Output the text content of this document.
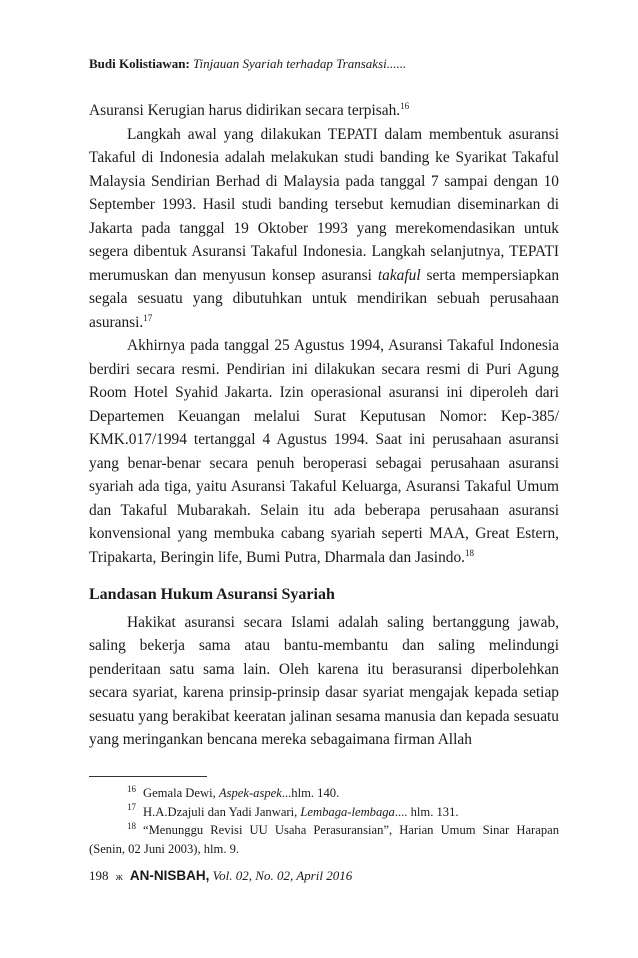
Budi Kolistiawan: Tinjauan Syariah terhadap Transaksi......

Asuransi Kerugian harus didirikan secara terpisah.$^{16}$

Langkah awal yang dilakukan TEPATI dalam membentuk asuransi Takaful di Indonesia adalah melakukan studi banding ke Syarikat Takaful Malaysia Sendirian Berhad di Malaysia pada tanggal 7 sampai dengan 10 September 1993. Hasil studi banding tersebut kemudian diseminarkan di Jakarta pada tanggal 19 Oktober 1993 yang merekomendasikan untuk segera dibentuk Asuransi Takaful Indonesia. Langkah selanjutnya, TEPATI merumuskan dan menyusun konsep asuransi takaful serta mempersiapkan segala sesuatu yang dibutuhkan untuk mendirikan sebuah perusahaan asuransi.$^{17}$

Akhirnya pada tanggal 25 Agustus 1994, Asuransi Takaful Indonesia berdiri secara resmi. Pendirian ini dilakukan secara resmi di Puri Agung Room Hotel Syahid Jakarta. Izin operasional asuransi ini diperoleh dari Departemen Keuangan melalui Surat Keputusan Nomor: Kep-385/ KMK.017/1994 tertanggal 4 Agustus 1994. Saat ini perusahaan asuransi yang benar-benar secara penuh beroperasi sebagai perusahaan asuransi syariah ada tiga, yaitu Asuransi Takaful Keluarga, Asuransi Takaful Umum dan Takaful Mubarakah. Selain itu ada beberapa perusahaan asuransi konvensional yang membuka cabang syariah seperti MAA, Great Estern, Tripakarta, Beringin life, Bumi Putra, Dharmala dan Jasindo.$^{18}$

Landasan Hukum Asuransi Syariah

Hakikat asuransi secara Islami adalah saling bertanggung jawab, saling bekerja sama atau bantu-membantu dan saling melindungi penderitaan satu sama lain. Oleh karena itu berasuransi diperbolehkan secara syariat, karena prinsip-prinsip dasar syariat mengajak kepada setiap sesuatu yang berakibat keeratan jalinan sesama manusia dan kepada sesuatu yang meringankan bencana mereka sebagaimana firman Allah

16 Gemala Dewi, Aspek-aspek...hlm. 140.

17 H.A.Dzajuli dan Yadi Janwari, Lembaga-lembaga.... hlm. 131.

18 “Menunggu Revisi UU Usaha Perasuransian”, Harian Umum Sinar Harapan (Senin, 02 Juni 2003), hlm. 9.

198 ж AN-NISBAH, Vol. 02, No. 02, April 2016
